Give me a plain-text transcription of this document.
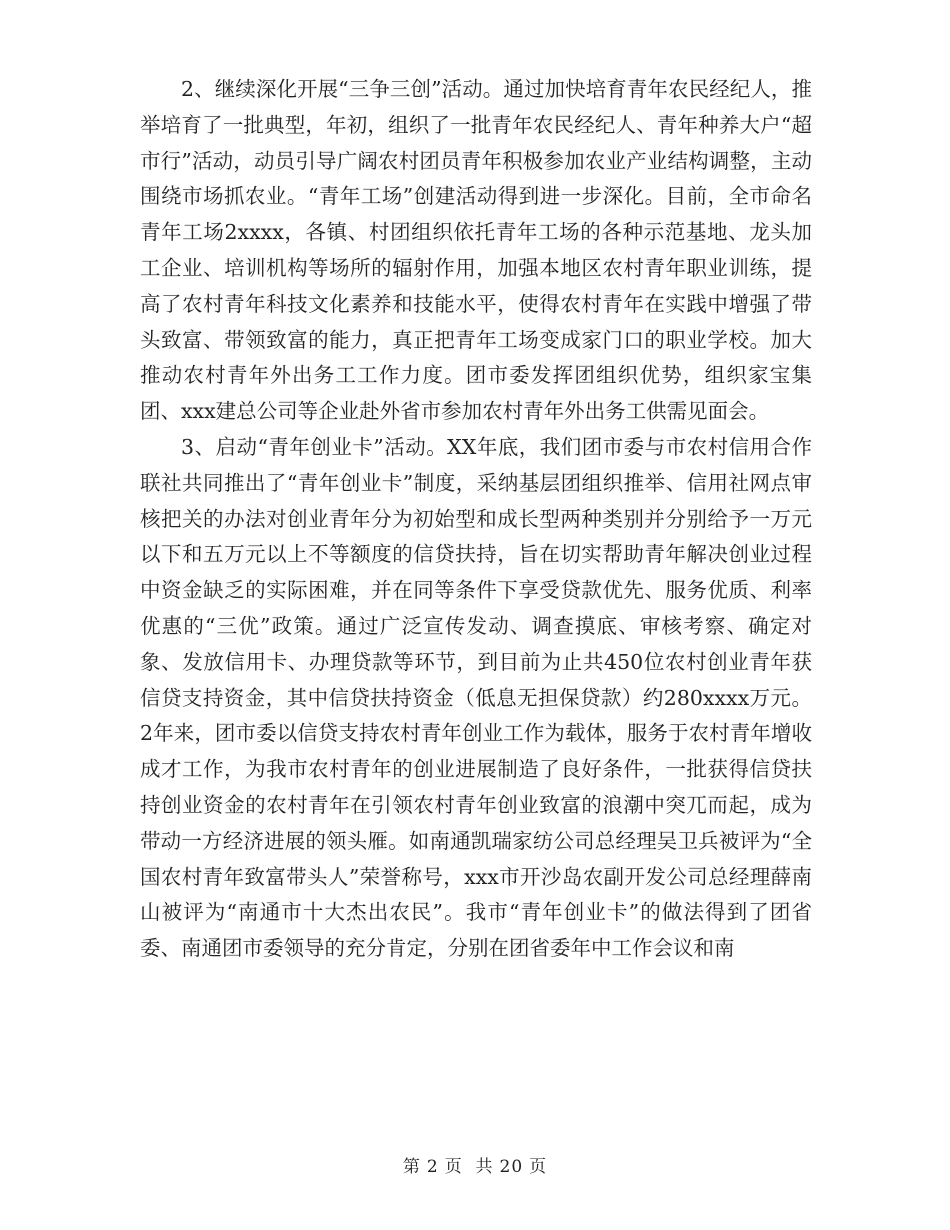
2、继续深化开展“三争三创”活动。通过加快培育青年农民经纪人，推举培育了一批典型，年初，组织了一批青年农民经纪人、青年种养大户“超市行”活动，动员引导广阔农村团员青年积极参加农业产业结构调整，主动围绕市场抓农业。“青年工场”创建活动得到进一步深化。目前，全市命名青年工场2xxxx，各镇、村团组织依托青年工场的各种示范基地、龙头加工企业、培训机构等场所的辐射作用，加强本地区农村青年职业训练，提高了农村青年科技文化素养和技能水平，使得农村青年在实践中增强了带头致富、带领致富的能力，真正把青年工场变成家门口的职业学校。加大推动农村青年外出务工工作力度。团市委发挥团组织优势，组织家宝集团、xxx建总公司等企业赴外省市参加农村青年外出务工供需见面会。

3、启动“青年创业卡”活动。XX年底，我们团市委与市农村信用合作联社共同推出了“青年创业卡”制度，采纳基层团组织推举、信用社网点审核把关的办法对创业青年分为初始型和成长型两种类别并分别给予一万元以下和五万元以上不等额度的信贷扶持，旨在切实帮助青年解决创业过程中资金缺乏的实际困难，并在同等条件下享受贷款优先、服务优质、利率优惠的“三优”政策。通过广泛宣传发动、调查摸底、审核考察、确定对象、发放信用卡、办理贷款等环节，到目前为止共450位农村创业青年获信贷支持资金，其中信贷扶持资金（低息无担保贷款）约280xxxx万元。2年来，团市委以信贷支持农村青年创业工作为载体，服务于农村青年增收成才工作，为我市农村青年的创业进展制造了良好条件，一批获得信贷扶持创业资金的农村青年在引领农村青年创业致富的浪潮中突兀而起，成为带动一方经济进展的领头雁。如南通凯瑞家纺公司总经理吴卫兵被评为“全国农村青年致富带头人”荣誉称号，xxx市开沙岛农副开发公司总经理薛南山被评为“南通市十大杰出农民”。我市“青年创业卡”的做法得到了团省委、南通团市委领导的充分肯定，分别在团省委年中工作会议和南

第 2 页  共 20 页
